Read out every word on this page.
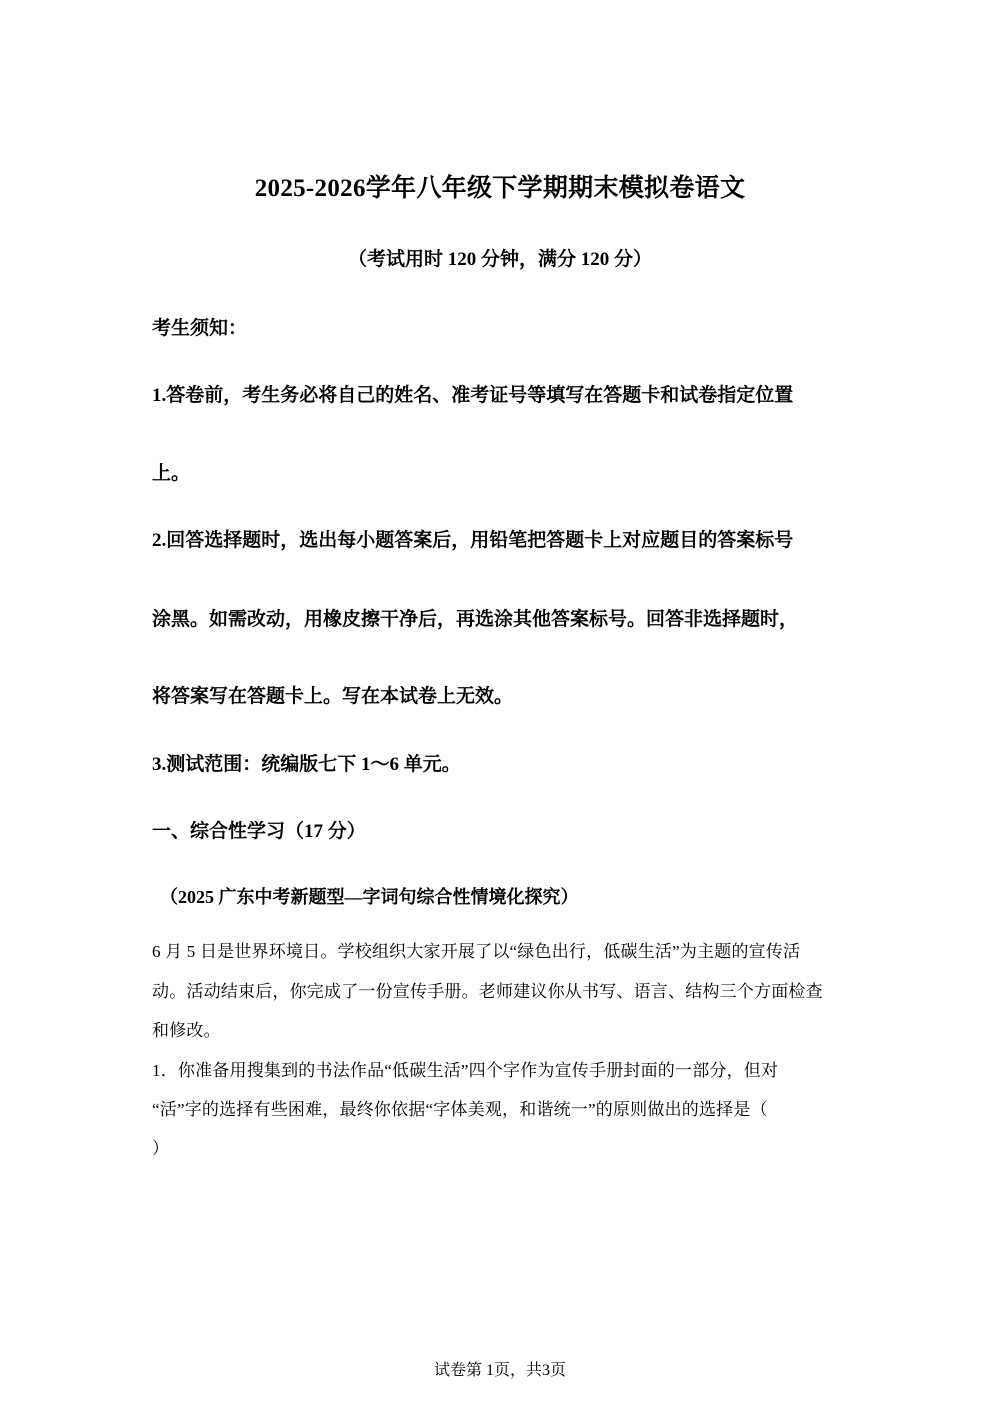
2025-2026学年八年级下学期期末模拟卷语文
（考试用时 120 分钟，满分 120 分）
考生须知：
1.答卷前，考生务必将自己的姓名、准考证号等填写在答题卡和试卷指定位置
上。
2.回答选择题时，选出每小题答案后，用铅笔把答题卡上对应题目的答案标号
涂黑。如需改动，用橡皮擦干净后，再选涂其他答案标号。回答非选择题时，
将答案写在答题卡上。写在本试卷上无效。
3.测试范围：统编版七下 1～6 单元。
一、综合性学习（17 分）
（2025 广东中考新题型—字词句综合性情境化探究）
6 月 5 日是世界环境日。学校组织大家开展了以“绿色出行，低碳生活”为主题的宣传活
动。活动结束后，你完成了一份宣传手册。老师建议你从书写、语言、结构三个方面检查
和修改。
1．你准备用搜集到的书法作品“低碳生活”四个字作为宣传手册封面的一部分，但对
“活”字的选择有些困难，最终你依据“字体美观，和谐统一”的原则做出的选择是（
）
试卷第 1页，共3页
